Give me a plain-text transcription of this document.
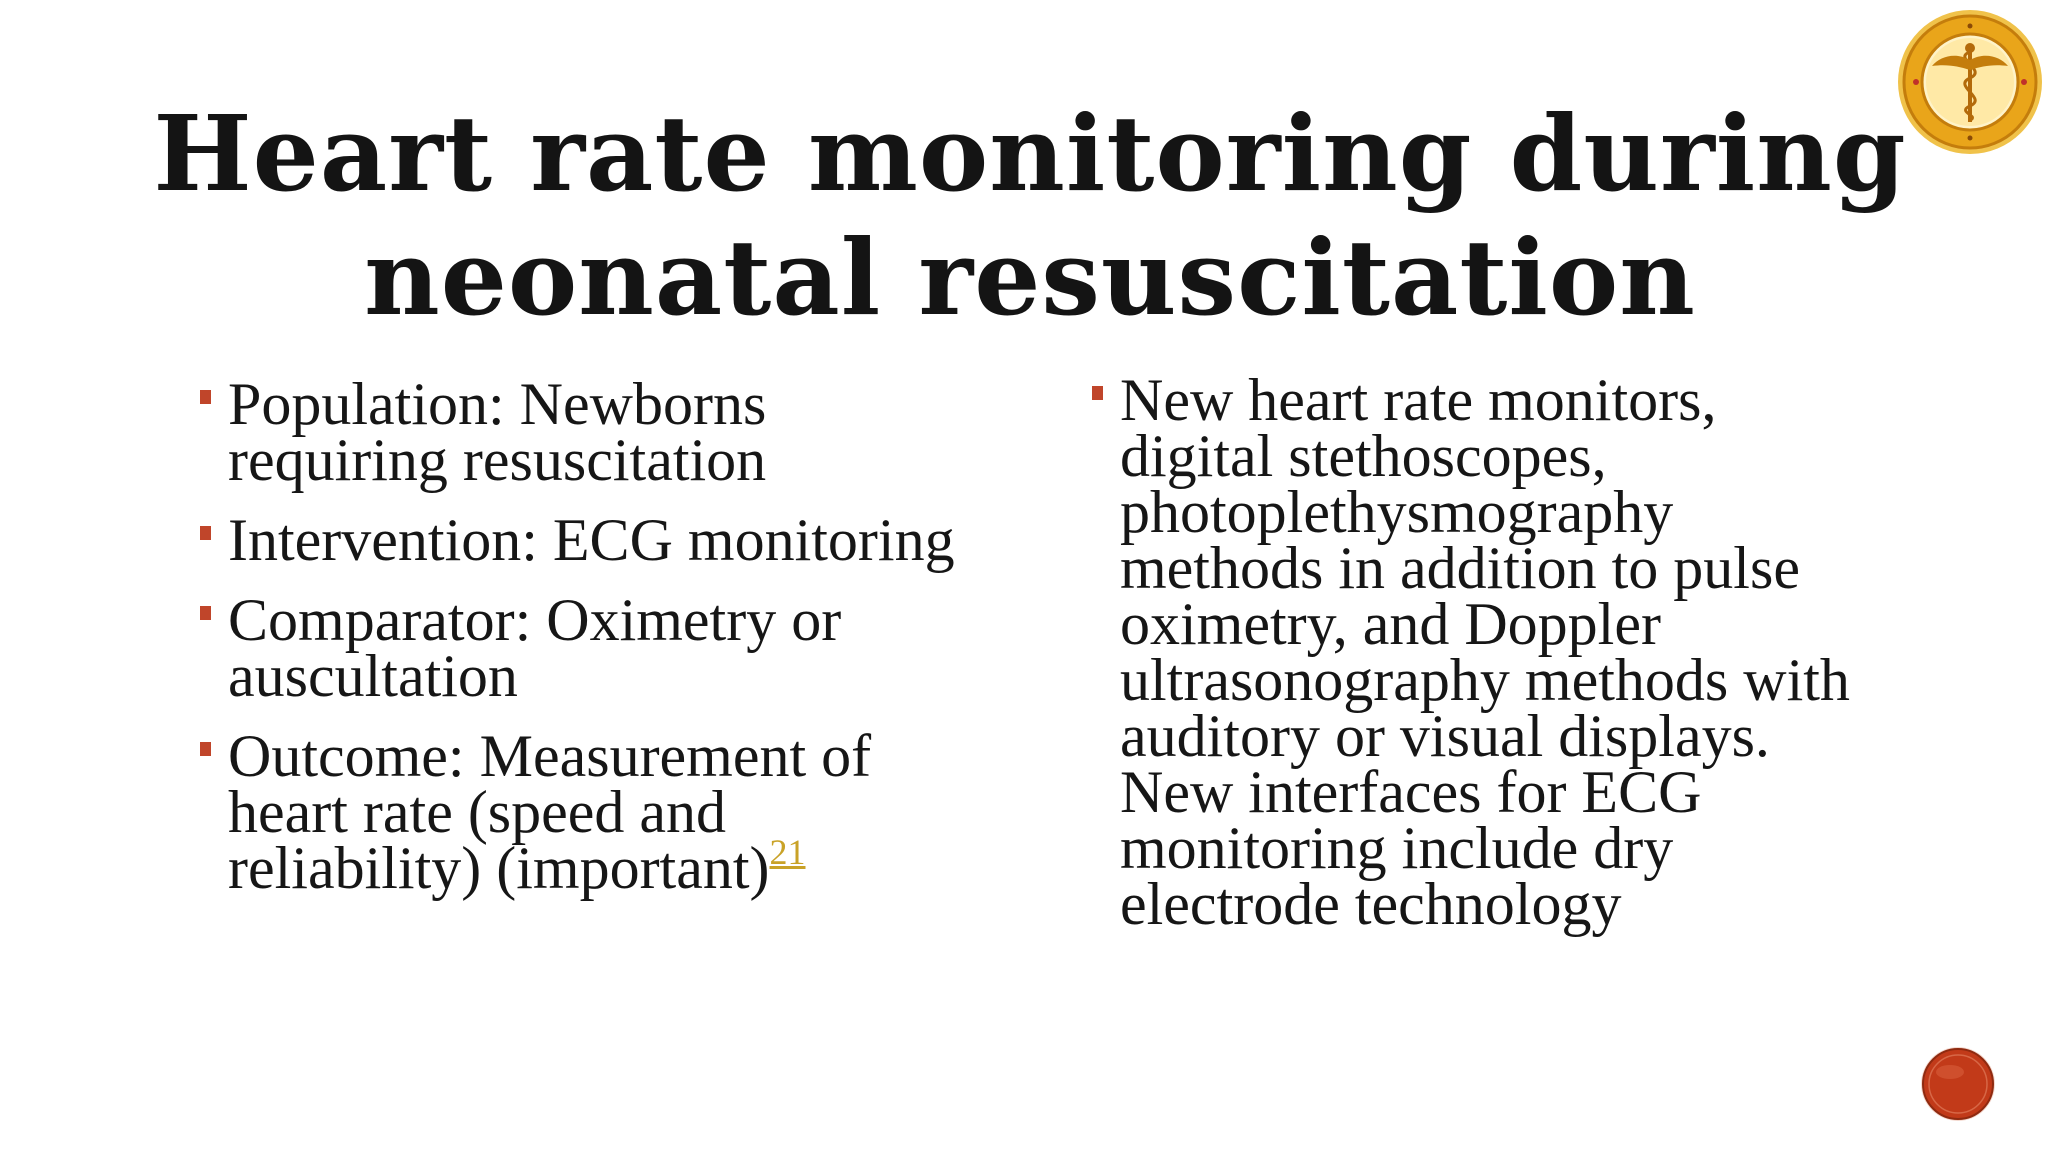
Heart rate monitoring during
neonatal resuscitation
Population: Newborns requiring resuscitation
Intervention: ECG monitoring
Comparator: Oximetry or auscultation
Outcome: Measurement of heart rate (speed and reliability) (important)$^{21}$
New heart rate monitors, digital stethoscopes, photoplethysmography methods in addition to pulse oximetry, and Doppler ultrasonography methods with auditory or visual displays. New interfaces for ECG monitoring include dry electrode technology
